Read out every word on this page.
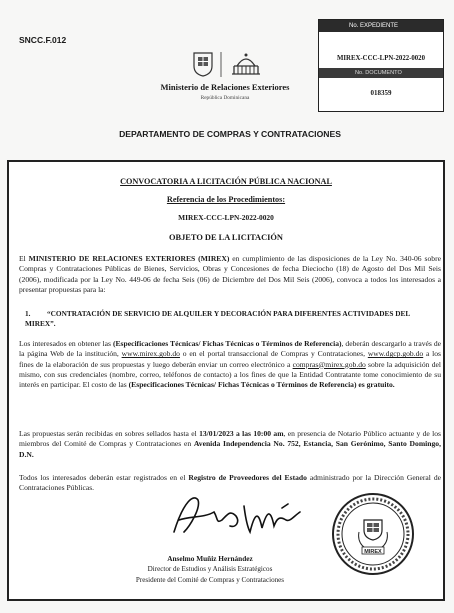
SNCC.F.012
No. EXPEDIENTE
MIREX-CCC-LPN-2022-0020
No. DOCUMENTO
018359
Ministerio de Relaciones Exteriores
República Dominicana
DEPARTAMENTO DE COMPRAS Y CONTRATACIONES
CONVOCATORIA A LICITACIÓN PÚBLICA NACIONAL
Referencia de los Procedimientos:
MIREX-CCC-LPN-2022-0020
OBJETO DE LA LICITACIÓN
El MINISTERIO DE RELACIONES EXTERIORES (MIREX) en cumplimiento de las disposiciones de la Ley No. 340-06 sobre Compras y Contrataciones Públicas de Bienes, Servicios, Obras y Concesiones de fecha Dieciocho (18) de Agosto del Dos Mil Seis (2006), modificada por la Ley No. 449-06 de fecha Seis (06) de Diciembre del Dos Mil Seis (2006), convoca a todos los interesados a presentar propuestas para la:
1. “CONTRATACIÓN DE SERVICIO DE ALQUILER Y DECORACIÓN PARA DIFERENTES ACTIVIDADES DEL MIREX”.
Los interesados en obtener las (Especificaciones Técnicas/ Fichas Técnicas o Términos de Referencia), deberán descargarlo a través de la página Web de la institución, www.mirex.gob.do o en el portal transaccional de Compras y Contrataciones, www.dgcp.gob.do a los fines de la elaboración de sus propuestas y luego deberán enviar un correo electrónico a compras@mirex.gob.do sobre la adquisición del mismo, con sus credenciales (nombre, correo, teléfonos de contacto) a los fines de que la Entidad Contratante tome conocimiento de su interés en participar. El costo de las (Especificaciones Técnicas/ Fichas Técnicas o Términos de Referencia) es gratuito.
Las propuestas serán recibidas en sobres sellados hasta el 13/01/2023 a las 10:00 am, en presencia de Notario Público actuante y de los miembros del Comité de Compras y Contrataciones en Avenida Independencia No. 752, Estancia, San Gerónimo, Santo Domingo, D.N.
Todos los interesados deberán estar registrados en el Registro de Proveedores del Estado administrado por la Dirección General de Contrataciones Públicas.
Anselmo Muñiz Hernández
Director de Estudios y Análisis Estratégicos
Presidente del Comité de Compras y Contrataciones
MIREX
